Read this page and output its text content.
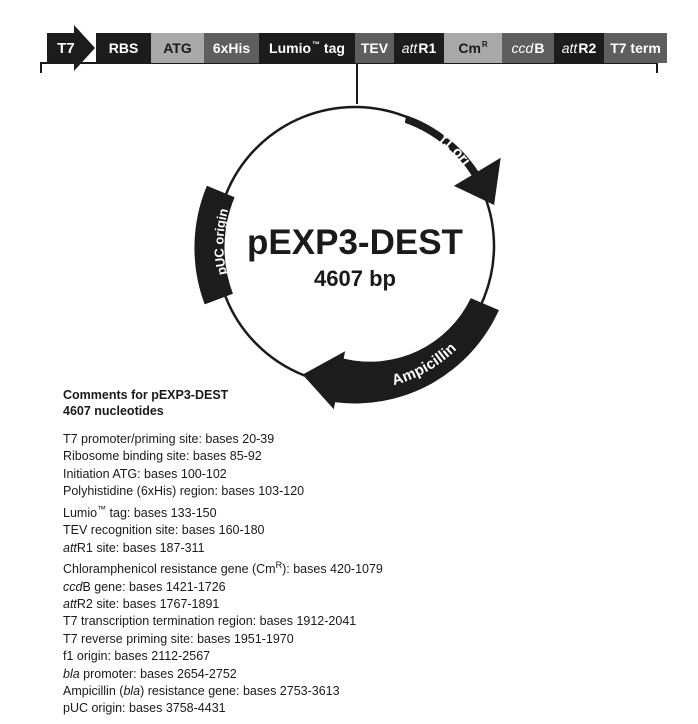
T7	RBS ATG 6xHis Lumio™ tag TEV att R1 $Cm^R$ ccd B att R2 T7 term
f1 ori
Ampicillin
pUC origin
pEXP3-DEST
4607 bp
Comments for pEXP3-DEST
4607 nucleotides
T7 promoter/priming site: bases 20-39
Ribosome binding site: bases 85-92
Initiation ATG: bases 100-102
Polyhistidine (6xHis) region: bases 103-120
Lumio™ tag: bases 133-150
TEV recognition site: bases 160-180
attR1 site: bases 187-311
Chloramphenicol resistance gene $(Cm^R)$: bases 420-1079
ccdB gene: bases 1421-1726
attR2 site: bases 1767-1891
T7 transcription termination region: bases 1912-2041
T7 reverse priming site: bases 1951-1970
f1 origin: bases 2112-2567
bla promoter: bases 2654-2752
Ampicillin (bla) resistance gene: bases 2753-3613
pUC origin: bases 3758-4431
